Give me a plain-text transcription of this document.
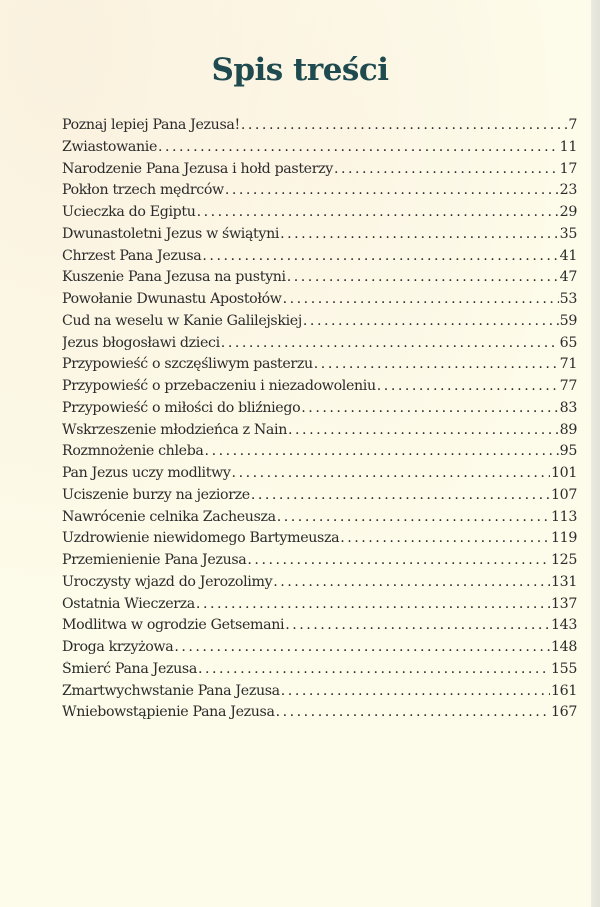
Spis treści
Poznaj lepiej Pana Jezusa! . . .	7
Zwiastowanie . . .	11
Narodzenie Pana Jezusa i hołd pasterzy . . .	17
Pokłon trzech mędrców . . .	23
Ucieczka do Egiptu . . .	29
Dwunastoletni Jezus w świątyni . . .	35
Chrzest Pana Jezusa . . .	41
Kuszenie Pana Jezusa na pustyni . . .	47
Powołanie Dwunastu Apostołów . . .	53
Cud na weselu w Kanie Galilejskiej . . .	59
Jezus błogosławi dzieci . . .	65
Przypowieść o szczęśliwym pasterzu . . .	71
Przypowieść o przebaczeniu i niezadowoleniu . . .	77
Przypowieść o miłości do bliźniego . . .	83
Wskrzeszenie młodzieńca z Nain . . .	89
Rozmnożenie chleba . . .	95
Pan Jezus uczy modlitwy . . .	101
Uciszenie burzy na jeziorze . . .	107
Nawrócenie celnika Zacheusza . . .	113
Uzdrowienie niewidomego Bartymeusza . . .	119
Przemienienie Pana Jezusa . . .	125
Uroczysty wjazd do Jerozolimy . . .	131
Ostatnia Wieczerza . . .	137
Modlitwa w ogrodzie Getsemani . . .	143
Droga krzyżowa . . .	148
Śmierć Pana Jezusa . . .	155
Zmartwychwstanie Pana Jezusa . . .	161
Wniebowstąpienie Pana Jezusa . . .	167
